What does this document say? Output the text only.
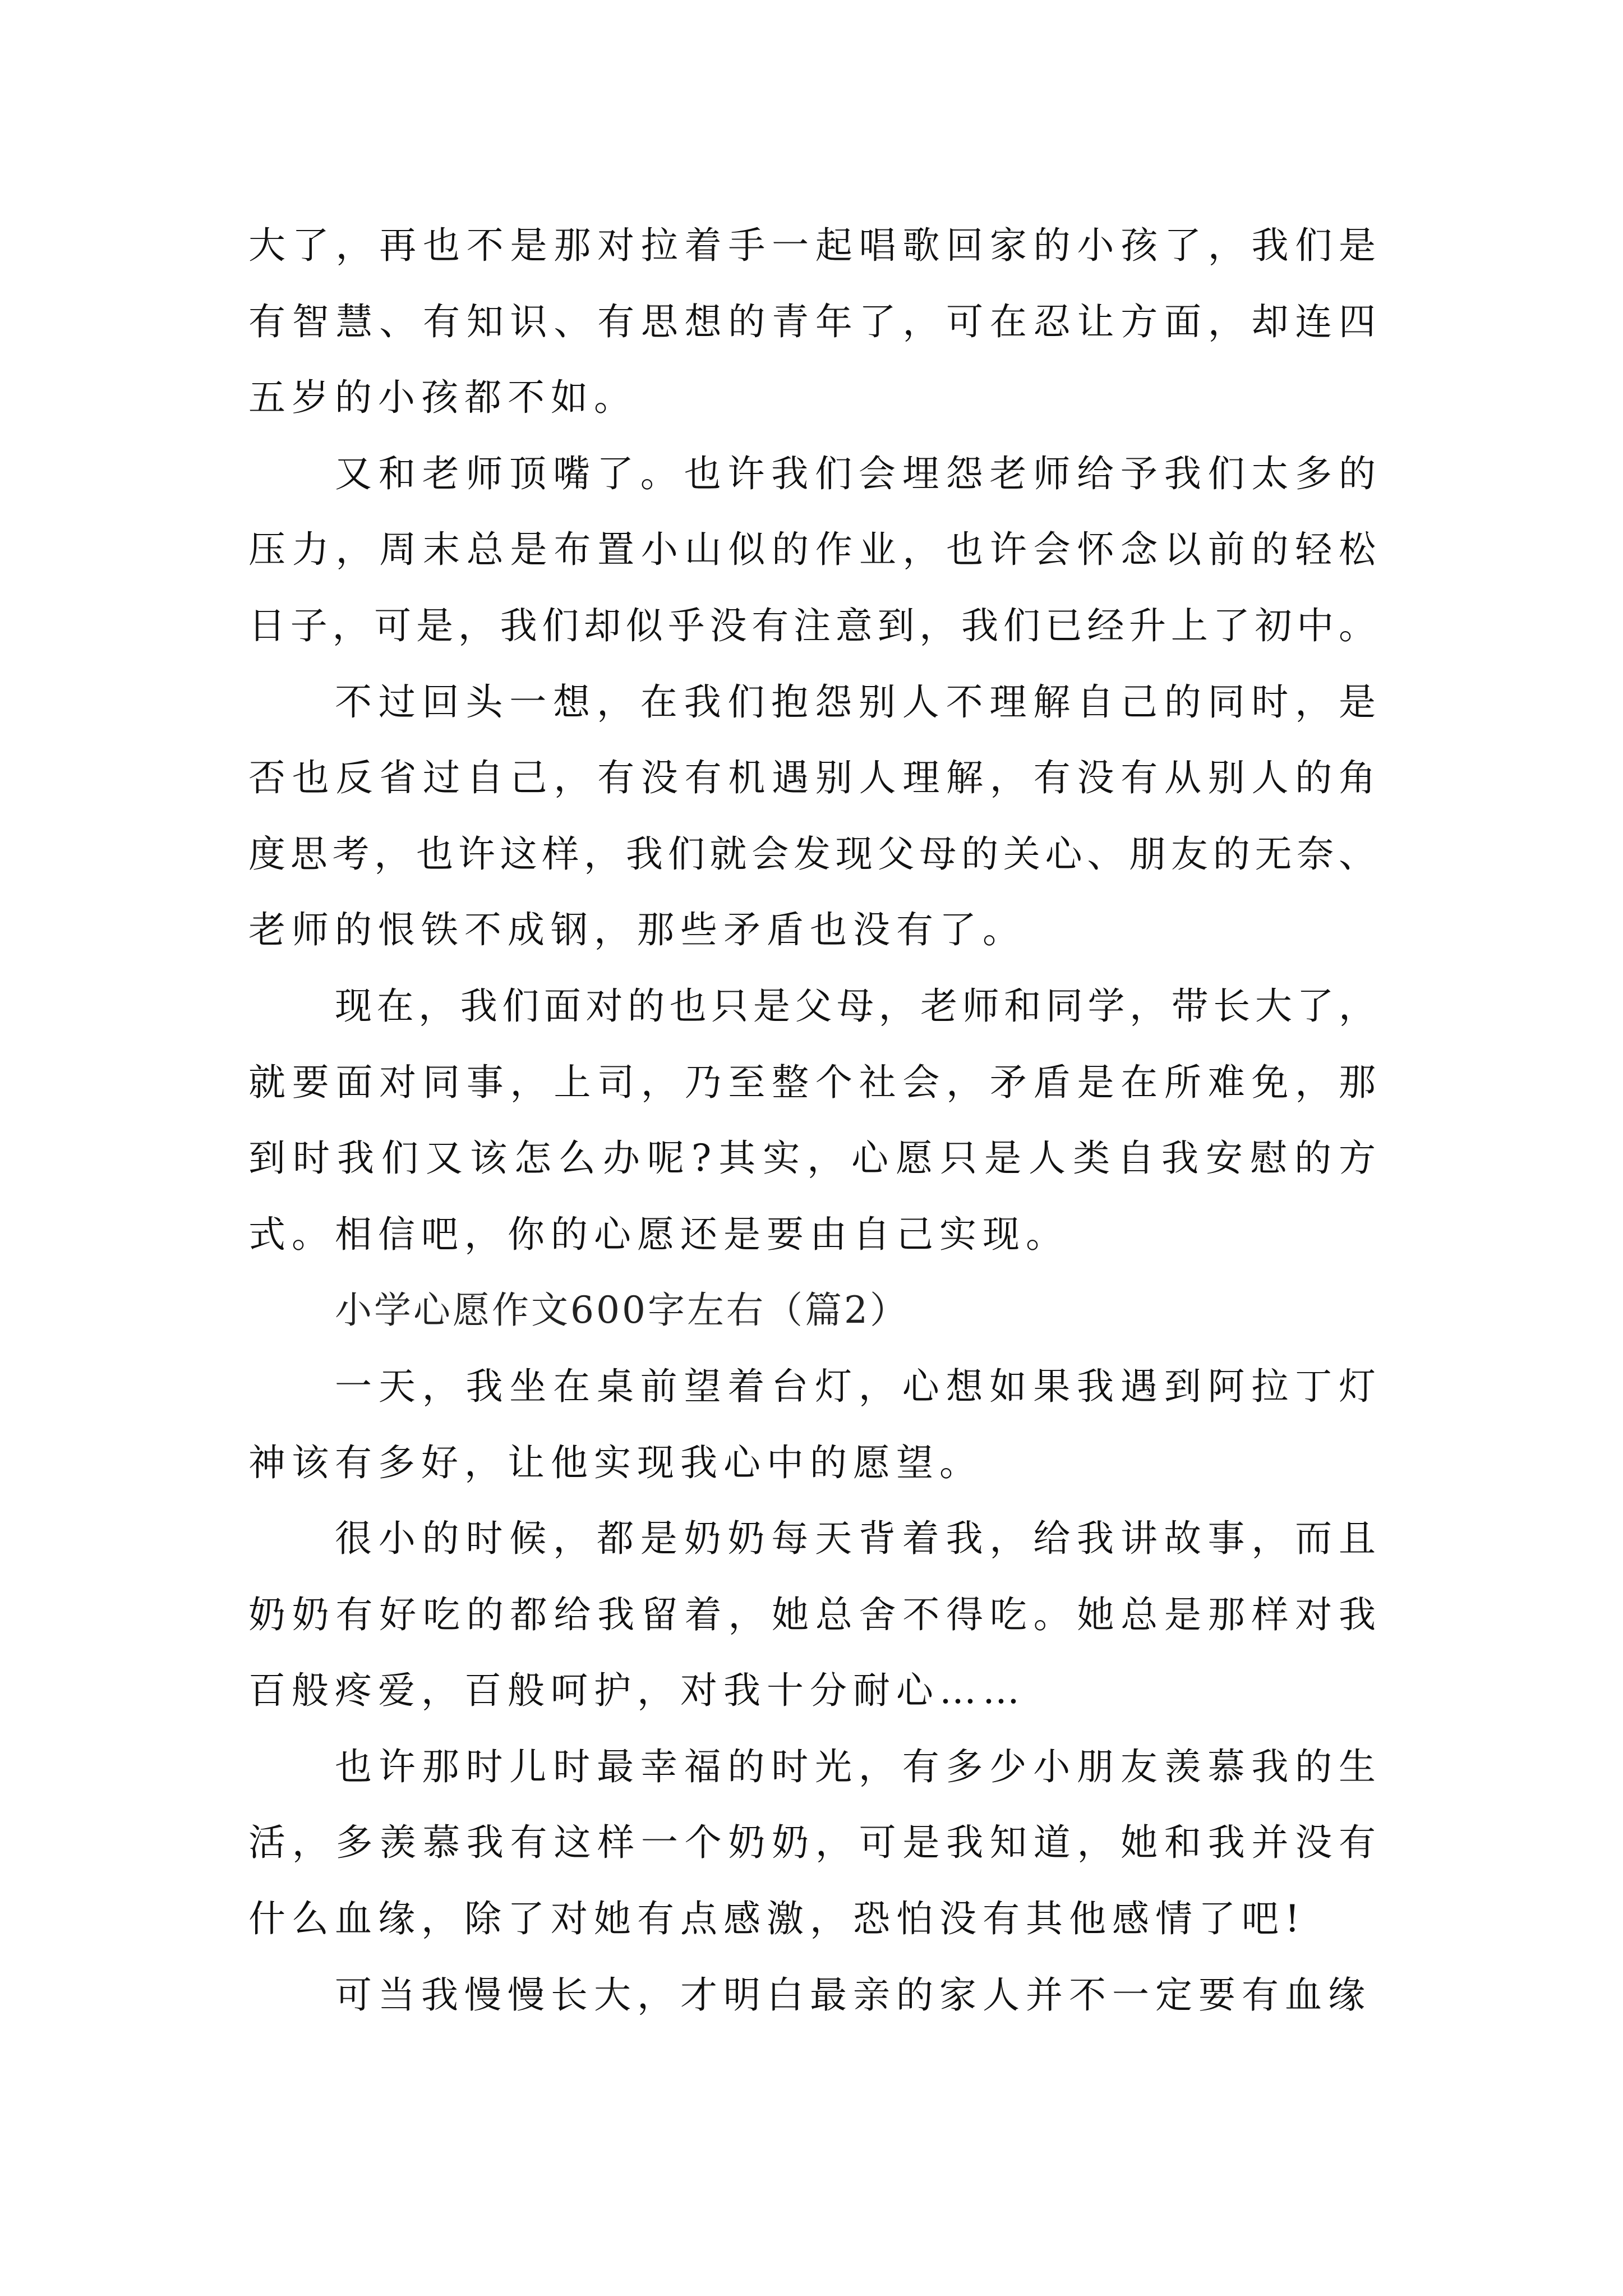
大了，再也不是那对拉着手一起唱歌回家的小孩了，我们是
有智慧、有知识、有思想的青年了，可在忍让方面，却连四
五岁的小孩都不如。
又和老师顶嘴了。也许我们会埋怨老师给予我们太多的
压力，周末总是布置小山似的作业，也许会怀念以前的轻松
日子，可是，我们却似乎没有注意到，我们已经升上了初中。
不过回头一想，在我们抱怨别人不理解自己的同时，是
否也反省过自己，有没有机遇别人理解，有没有从别人的角
度思考，也许这样，我们就会发现父母的关心、朋友的无奈、
老师的恨铁不成钢，那些矛盾也没有了。
现在，我们面对的也只是父母，老师和同学，带长大了，
就要面对同事，上司，乃至整个社会，矛盾是在所难免，那
到时我们又该怎么办呢?其实，心愿只是人类自我安慰的方
式。相信吧，你的心愿还是要由自己实现。
小学心愿作文600字左右（篇2）
一天，我坐在桌前望着台灯，心想如果我遇到阿拉丁灯
神该有多好，让他实现我心中的愿望。
很小的时候，都是奶奶每天背着我，给我讲故事，而且
奶奶有好吃的都给我留着，她总舍不得吃。她总是那样对我
百般疼爱，百般呵护，对我十分耐心……
也许那时儿时最幸福的时光，有多少小朋友羡慕我的生
活，多羡慕我有这样一个奶奶，可是我知道，她和我并没有
什么血缘，除了对她有点感激，恐怕没有其他感情了吧!
可当我慢慢长大，才明白最亲的家人并不一定要有血缘
